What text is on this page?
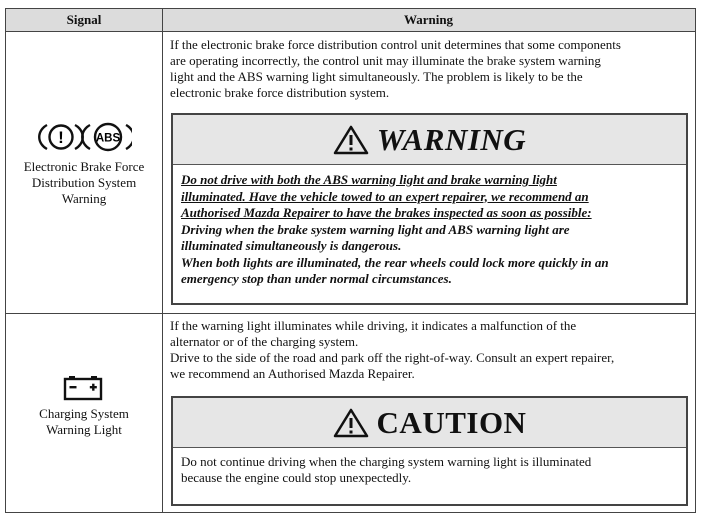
Signal	Warning
!	ABS
Electronic Brake Force
Distribution System
Warning
If the electronic brake force distribution control unit determines that some components
are operating incorrectly, the control unit may illuminate the brake system warning
light and the ABS warning light simultaneously. The problem is likely to be the
electronic brake force distribution system.
WARNING
Do not drive with both the ABS warning light and brake warning light
illuminated. Have the vehicle towed to an expert repairer, we recommend an
Authorised Mazda Repairer to have the brakes inspected as soon as possible:
Driving when the brake system warning light and ABS warning light are
illuminated simultaneously is dangerous.
When both lights are illuminated, the rear wheels could lock more quickly in an
emergency stop than under normal circumstances.
Charging System
Warning Light
If the warning light illuminates while driving, it indicates a malfunction of the
alternator or of the charging system.
Drive to the side of the road and park off the right-of-way. Consult an expert repairer,
we recommend an Authorised Mazda Repairer.
CAUTION
Do not continue driving when the charging system warning light is illuminated
because the engine could stop unexpectedly.
